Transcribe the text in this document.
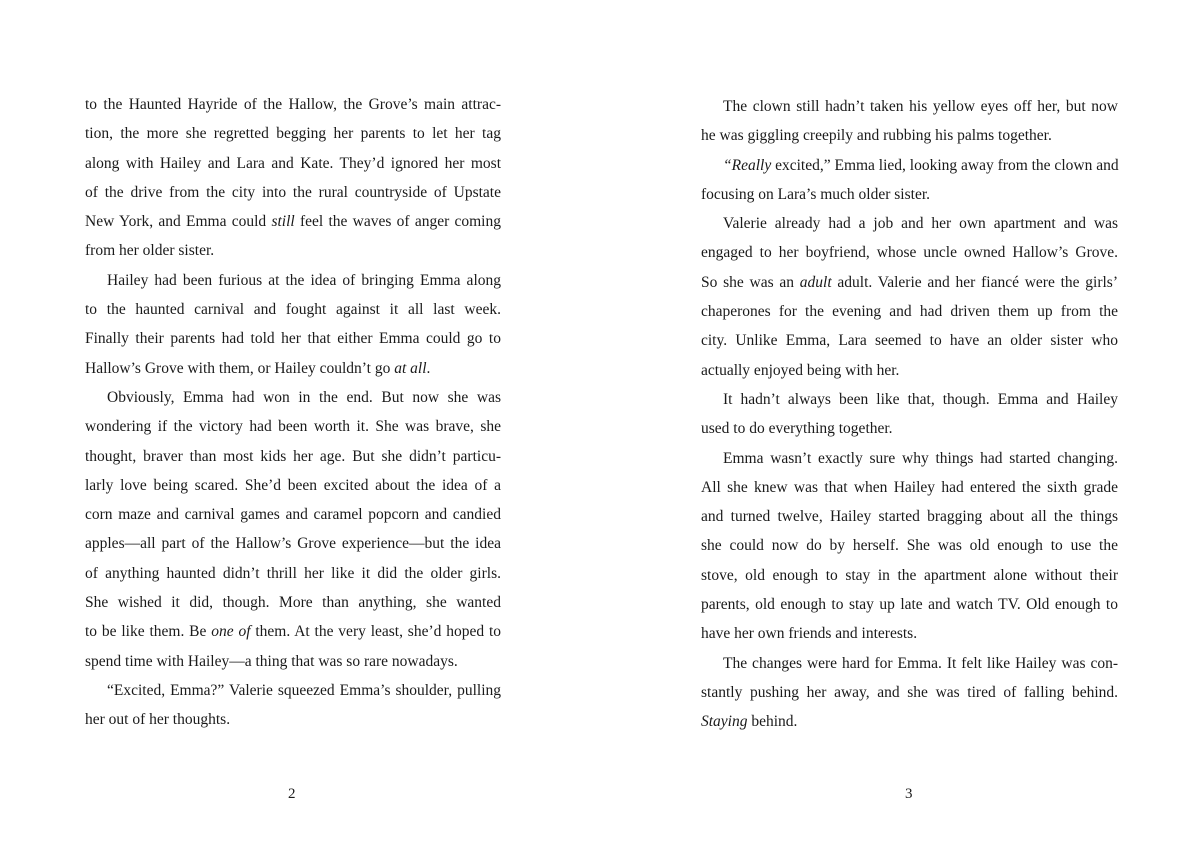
to the Haunted Hayride of the Hallow, the Grove’s main attrac-
tion, the more she regretted begging her parents to let her tag
along with Hailey and Lara and Kate. They’d ignored her most
of the drive from the city into the rural countryside of Upstate
New York, and Emma could still feel the waves of anger coming
from her older sister.
Hailey had been furious at the idea of bringing Emma along
to the haunted carnival and fought against it all last week.
Finally their parents had told her that either Emma could go to
Hallow’s Grove with them, or Hailey couldn’t go at all.
Obviously, Emma had won in the end. But now she was
wondering if the victory had been worth it. She was brave, she
thought, braver than most kids her age. But she didn’t particu-
larly love being scared. She’d been excited about the idea of a
corn maze and carnival games and caramel popcorn and candied
apples—all part of the Hallow’s Grove experience—but the idea
of anything haunted didn’t thrill her like it did the older girls.
She wished it did, though. More than anything, she wanted
to be like them. Be one of them. At the very least, she’d hoped to
spend time with Hailey—a thing that was so rare nowadays.
“Excited, Emma?” Valerie squeezed Emma’s shoulder, pulling
her out of her thoughts.
2
The clown still hadn’t taken his yellow eyes off her, but now
he was giggling creepily and rubbing his palms together.
“Really excited,” Emma lied, looking away from the clown and
focusing on Lara’s much older sister.
Valerie already had a job and her own apartment and was
engaged to her boyfriend, whose uncle owned Hallow’s Grove.
So she was an adult adult. Valerie and her fiancé were the girls’
chaperones for the evening and had driven them up from the
city. Unlike Emma, Lara seemed to have an older sister who
actually enjoyed being with her.
It hadn’t always been like that, though. Emma and Hailey
used to do everything together.
Emma wasn’t exactly sure why things had started changing.
All she knew was that when Hailey had entered the sixth grade
and turned twelve, Hailey started bragging about all the things
she could now do by herself. She was old enough to use the
stove, old enough to stay in the apartment alone without their
parents, old enough to stay up late and watch TV. Old enough to
have her own friends and interests.
The changes were hard for Emma. It felt like Hailey was con-
stantly pushing her away, and she was tired of falling behind.
Staying behind.
3
